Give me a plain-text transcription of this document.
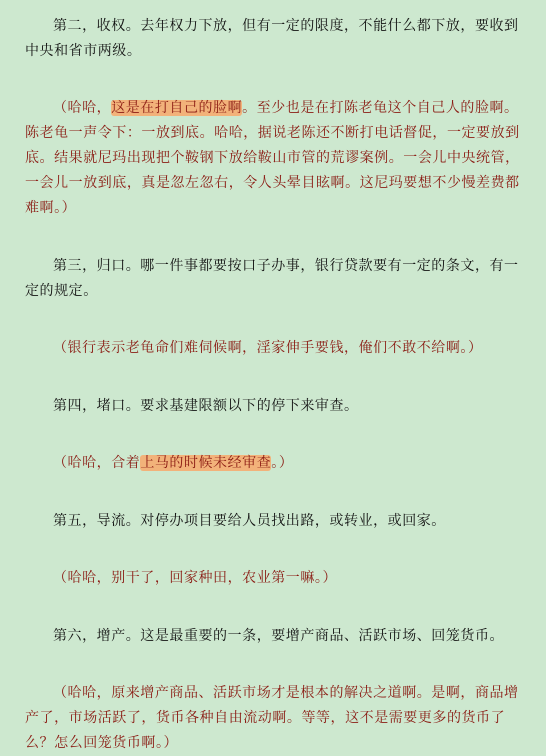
第二，收权。去年权力下放，但有一定的限度，不能什么都下放，要收到中央和省市两级。

（哈哈，这是在打自己的脸啊。至少也是在打陈老龟这个自己人的脸啊。陈老龟一声令下：一放到底。哈哈，据说老陈还不断打电话督促，一定要放到底。结果就尼玛出现把个鞍钢下放给鞍山市管的荒谬案例。一会儿中央统管，一会儿一放到底，真是忽左忽右，令人头晕目眩啊。这尼玛要想不少慢差费都难啊。）

第三，归口。哪一件事都要按口子办事，银行贷款要有一定的条文，有一定的规定。

（银行表示老龟命们难伺候啊，淫家伸手要钱，俺们不敢不给啊。）

第四，堵口。要求基建限额以下的停下来审查。

（哈哈，合着上马的时候未经审查。）

第五，导流。对停办项目要给人员找出路，或转业，或回家。

（哈哈，别干了，回家种田，农业第一嘛。）

第六，增产。这是最重要的一条，要增产商品、活跃市场、回笼货币。

（哈哈，原来增产商品、活跃市场才是根本的解决之道啊。是啊，商品增产了，市场活跃了，货币各种自由流动啊。等等，这不是需要更多的货币了么？怎么回笼货币啊。）
